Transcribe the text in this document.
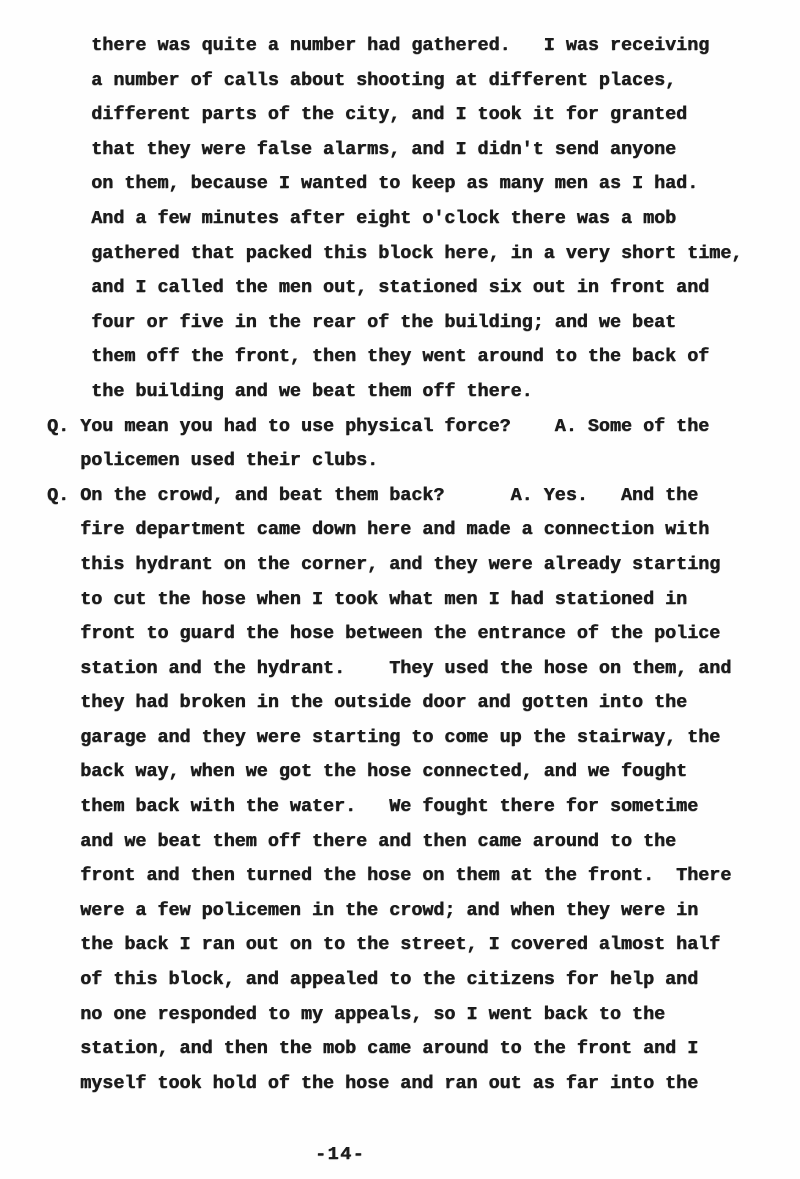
there was quite a number had gathered.   I was receiving
a number of calls about shooting at different places,
different parts of the city, and I took it for granted
that they were false alarms, and I didn't send anyone
on them, because I wanted to keep as many men as I had.
And a few minutes after eight o'clock there was a mob
gathered that packed this block here, in a very short time,
and I called the men out, stationed six out in front and
four or five in the rear of the building; and we beat
them off the front, then they went around to the back of
the building and we beat them off there.
Q. You mean you had to use physical force?    A. Some of the
policemen used their clubs.
Q. On the crowd, and beat them back?      A. Yes.   And the
fire department came down here and made a connection with
this hydrant on the corner, and they were already starting
to cut the hose when I took what men I had stationed in
front to guard the hose between the entrance of the police
station and the hydrant.    They used the hose on them, and
they had broken in the outside door and gotten into the
garage and they were starting to come up the stairway, the
back way, when we got the hose connected, and we fought
them back with the water.   We fought there for sometime
and we beat them off there and then came around to the
front and then turned the hose on them at the front.  There
were a few policemen in the crowd; and when they were in
the back I ran out on to the street, I covered almost half
of this block, and appealed to the citizens for help and
no one responded to my appeals, so I went back to the
station, and then the mob came around to the front and I
myself took hold of the hose and ran out as far into the
-14-
